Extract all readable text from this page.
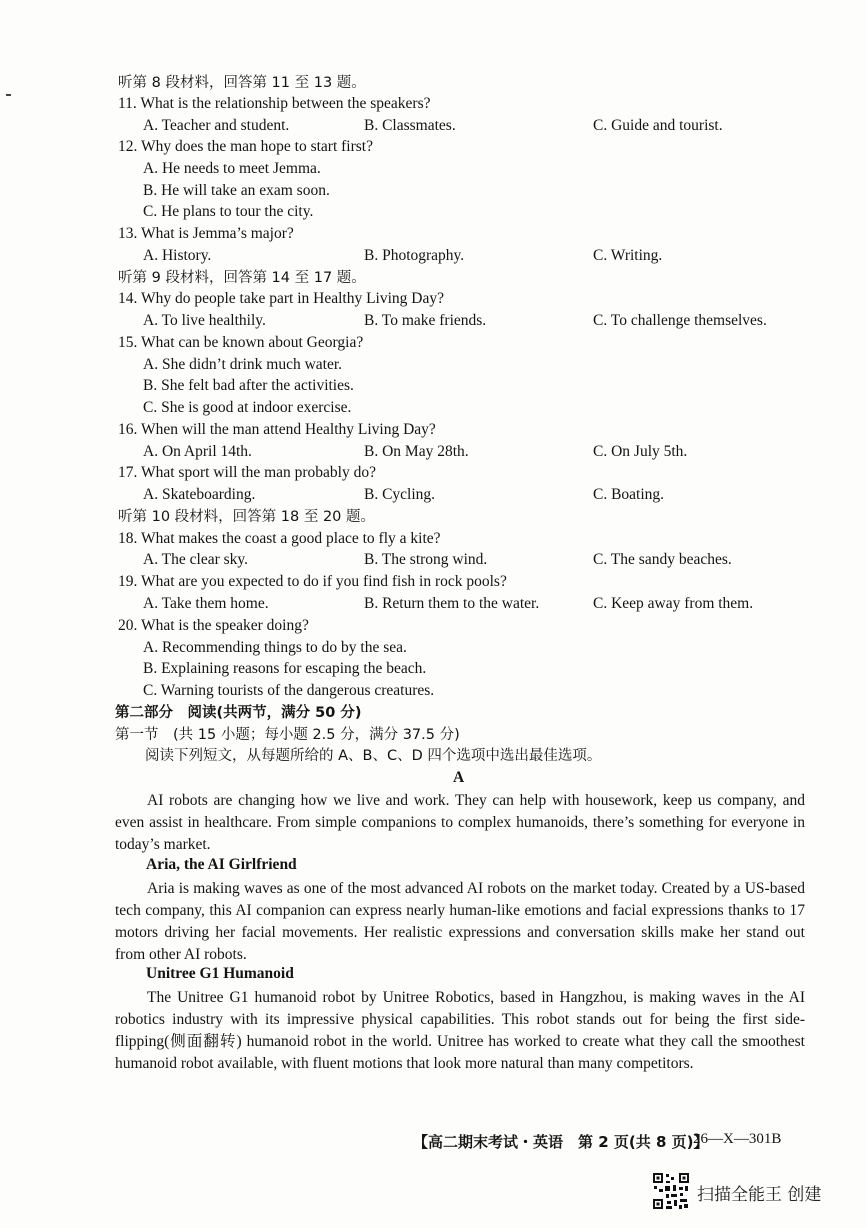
听第 8 段材料，回答第 11 至 13 题。
11. What is the relationship between the speakers?
A. Teacher and student.	B. Classmates.	C. Guide and tourist.
12. Why does the man hope to start first?
A. He needs to meet Jemma.
B. He will take an exam soon.
C. He plans to tour the city.
13. What is Jemma’s major?
A. History.	B. Photography.	C. Writing.
听第 9 段材料，回答第 14 至 17 题。
14. Why do people take part in Healthy Living Day?
A. To live healthily.	B. To make friends.	C. To challenge themselves.
15. What can be known about Georgia?
A. She didn’t drink much water.
B. She felt bad after the activities.
C. She is good at indoor exercise.
16. When will the man attend Healthy Living Day?
A. On April 14th.	B. On May 28th.	C. On July 5th.
17. What sport will the man probably do?
A. Skateboarding.	B. Cycling.	C. Boating.
听第 10 段材料，回答第 18 至 20 题。
18. What makes the coast a good place to fly a kite?
A. The clear sky.	B. The strong wind.	C. The sandy beaches.
19. What are you expected to do if you find fish in rock pools?
A. Take them home.	B. Return them to the water.	C. Keep away from them.
20. What is the speaker doing?
A. Recommending things to do by the sea.
B. Explaining reasons for escaping the beach.
C. Warning tourists of the dangerous creatures.
第二部分　阅读(共两节，满分 50 分)
第一节　(共 15 小题；每小题 2.5 分，满分 37.5 分)
阅读下列短文，从每题所给的 A、B、C、D 四个选项中选出最佳选项。
A

AI robots are changing how we live and work. They can help with housework, keep us company, and even assist in healthcare. From simple companions to complex humanoids, there’s something for everyone in today’s market.

Aria, the AI Girlfriend

Aria is making waves as one of the most advanced AI robots on the market today. Created by a US-based tech company, this AI companion can express nearly human-like emotions and facial expressions thanks to 17 motors driving her facial movements. Her realistic expressions and conversation skills make her stand out from other AI robots.

Unitree G1 Humanoid

The Unitree G1 humanoid robot by Unitree Robotics, based in Hangzhou, is making waves in the AI robotics industry with its impressive physical capabilities. This robot stands out for being the first side-flipping(侧面翻转) humanoid robot in the world. Unitree has worked to create what they call the smoothest humanoid robot available, with fluent motions that look more natural than many competitors.

【高二期末考试・英语　第 2 页(共 8 页)】
26—X—301B
扫描全能王 创建
